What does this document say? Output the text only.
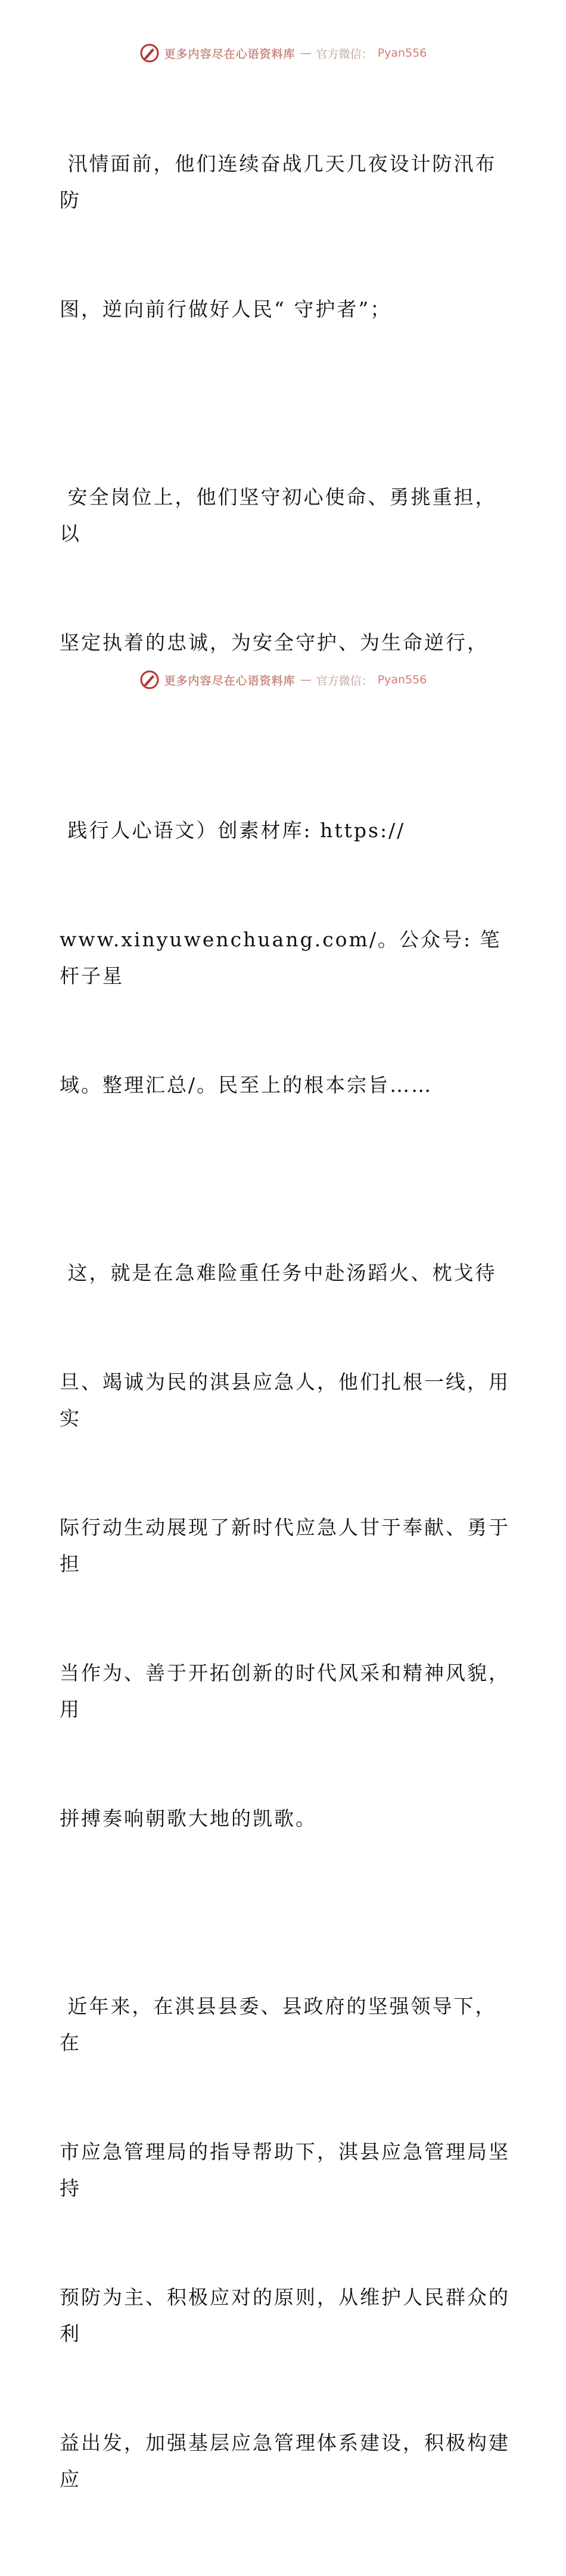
更多内容尽在心语资料库 — 官方微信： Pyan556

汛情面前，他们连续奋战几天几夜设计防汛布防

图，逆向前行做好人民“ 守护者”；

安全岗位上，他们坚守初心使命、勇挑重担，以

坚定执着的忠诚，为安全守护、为生命逆行，

践行人心语文）创素材库: https://

www.xinyuwenchuang.com/。公众号: 笔杆子星

域。整理汇总/。民至上的根本宗旨……

这，就是在急难险重任务中赴汤蹈火、枕戈待

旦、竭诚为民的淇县应急人，他们扎根一线，用实

际行动生动展现了新时代应急人甘于奉献、勇于担

当作为、善于开拓创新的时代风采和精神风貌，用

拼搏奏响朝歌大地的凯歌。

近年来，在淇县县委、县政府的坚强领导下，在

市应急管理局的指导帮助下，淇县应急管理局坚持

预防为主、积极应对的原则，从维护人民群众的利

益出发，加强基层应急管理体系建设，积极构建应

更多内容尽在心语资料库 — 官方微信： Pyan556
